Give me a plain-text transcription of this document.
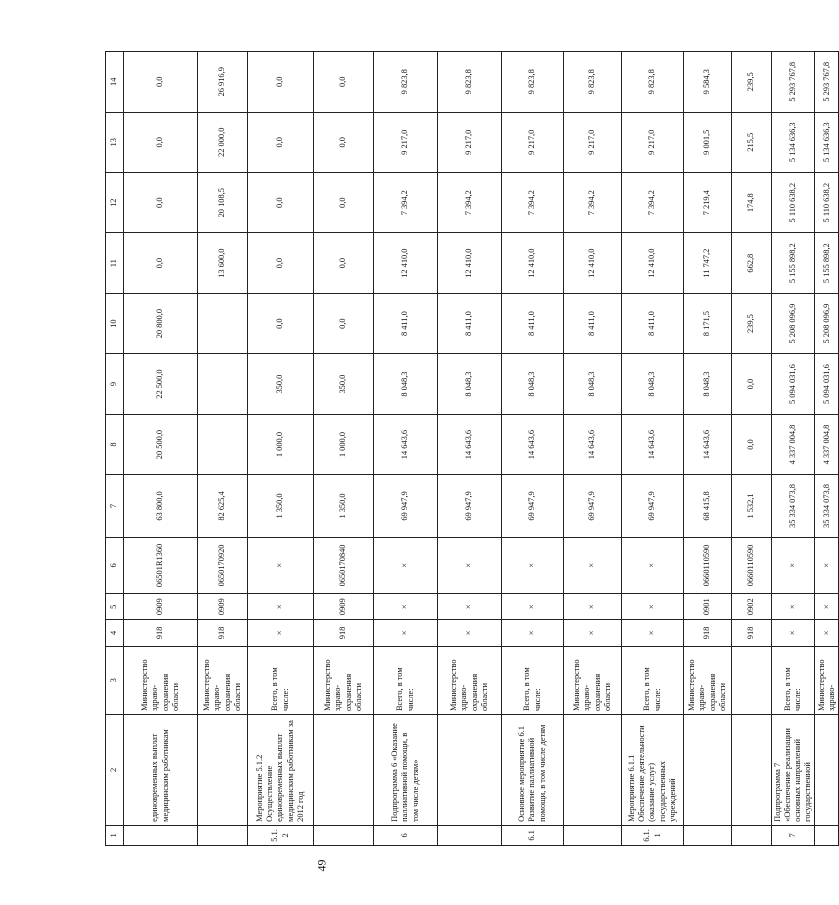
49
1	2	3	4	5	6	7	8	9	10	11	12	13	14
	единовременных выплат медицинским работникам	Министерство здраво-охранения области	918	0909	06501R1360	63 800,0	20 500,0	22 500,0	20 800,0	0,0	0,0	0,0	0,0
		Министерство здраво-охранения области	918	0909	0650170920	82 625,4				13 600,0	20 108,5	22 000,0	26 916,9
5.1.2	Мероприятие 5.1.2 Осуществление единовременных выплат медицинским работникам за 2012 год	Всего, в том числе:	×	×	×	1 350,0	1 000,0	350,0	0,0	0,0	0,0	0,0	0,0
		Министерство здраво-охранения области	918	0909	0650170840	1 350,0	1 000,0	350,0	0,0	0,0	0,0	0,0	0,0
6	Подпрограмма 6 «Оказание паллиативной помощи, в том числе детям»	Всего, в том числе:	×	×	×	69 947,9	14 643,6	8 048,3	8 411,0	12 410,0	7 394,2	9 217,0	9 823,8
		Министерство здраво-охранения области	×	×	×	69 947,9	14 643,6	8 048,3	8 411,0	12 410,0	7 394,2	9 217,0	9 823,8
6.1	Основное мероприятие 6.1 Развитие паллиативной помощи, в том числе детям	Всего, в том числе:	×	×	×	69 947,9	14 643,6	8 048,3	8 411,0	12 410,0	7 394,2	9 217,0	9 823,8
		Министерство здраво-охранения области	×	×	×	69 947,9	14 643,6	8 048,3	8 411,0	12 410,0	7 394,2	9 217,0	9 823,8
6.1.1	Мероприятие 6.1.1 Обеспечение деятельности (оказание услуг) государственных учреждений	Всего, в том числе:	×	×	×	69 947,9	14 643,6	8 048,3	8 411,0	12 410,0	7 394,2	9 217,0	9 823,8
		Министерство здраво-охранения области	918	0901	0660110590	68 415,8	14 643,6	8 048,3	8 171,5	11 747,2	7 219,4	9 001,5	9 584,3
			918	0902	0660110590	1 532,1	0,0	0,0	239,5	662,8	174,8	215,5	239,5
7	Подпрограмма 7 «Обеспечение реализации основных направлений государственной	Всего, в том числе:	×	×	×	35 334 073,8	4 337 004,8	5 094 031,6	5 208 096,9	5 155 898,2	5 110 638,2	5 134 636,3	5 293 767,8
		Министерство здраво-	×	×	×	35 334 073,8	4 337 004,8	5 094 031,6	5 208 096,9	5 155 898,2	5 110 638,2	5 134 636,3	5 293 767,8
